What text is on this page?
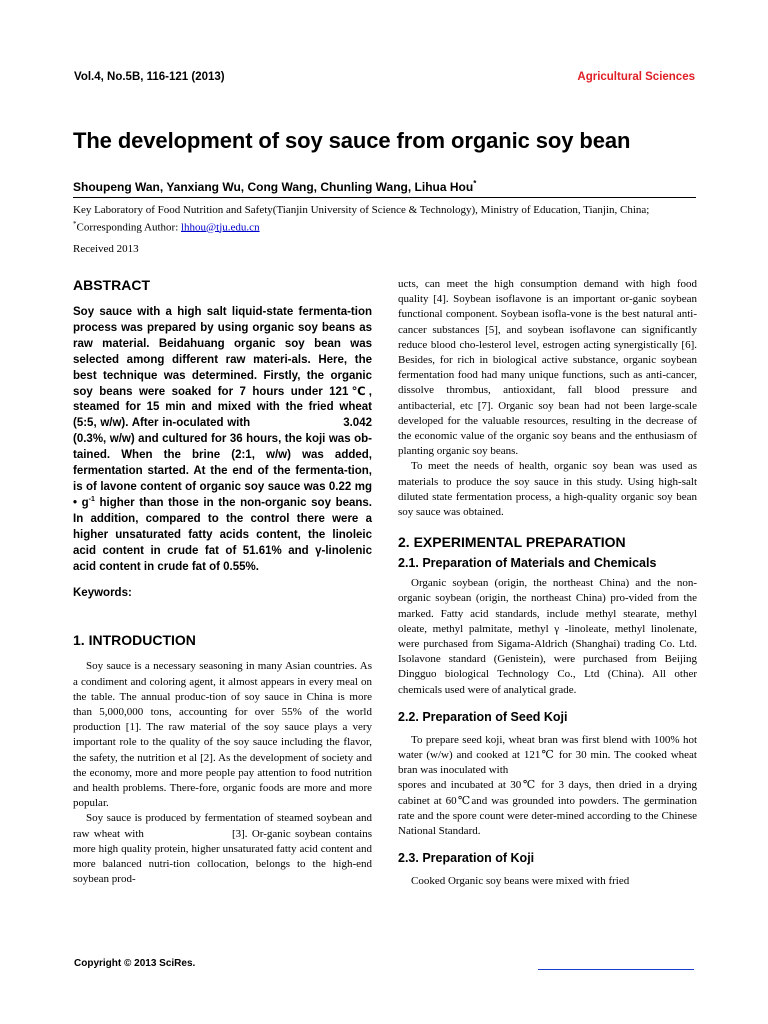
Vol.4, No.5B, 116-121 (2013)	Agricultural Sciences
The development of soy sauce from organic soy bean
Shoupeng Wan, Yanxiang Wu, Cong Wang, Chunling Wang, Lihua Hou*
Key Laboratory of Food Nutrition and Safety(Tianjin University of Science & Technology), Ministry of Education, Tianjin, China;
*Corresponding Author: lhhou@tju.edu.cn
Received 2013
ABSTRACT

Soy sauce with a high salt liquid-state fermenta-tion process was prepared by using organic soy beans as raw material. Beidahuang organic soy bean was selected among different raw materi-als. Here, the best technique was determined. Firstly, the organic soy beans were soaked for 7 hours under 121℃, steamed for 15 min and mixed with the fried wheat (5:5, w/w). After in-oculated with	3.042 (0.3%, w/w) and cultured for 36 hours, the koji was ob-tained. When the brine (2:1, w/w) was added, fermentation started. At the end of the fermenta-tion, is of lavone content of organic soy sauce was 0.22 mg • $g^{-1}$ higher than those in the non-organic soy beans. In addition, compared to the control there were a higher unsaturated fatty acids content, the linoleic acid content in crude fat of 51.61% and γ-linolenic acid content in crude fat of 0.55%.

Keywords:
1. INTRODUCTION

Soy sauce is a necessary seasoning in many Asian countries. As a condiment and coloring agent, it almost appears in every meal on the table. The annual produc-tion of soy sauce in China is more than 5,000,000 tons, accounting for over 55% of the world production [1]. The raw material of the soy sauce plays a very important role to the quality of the soy sauce including the flavor, the safety, the nutrition et al [2]. As the development of society and the economy, more and more people pay attention to food nutrition and health problems. There-fore, organic foods are more and more popular.

Soy sauce is produced by fermentation of steamed soybean and raw wheat with	[3]. Or-ganic soybean contains more high quality protein, higher unsaturated fatty acid content and more balanced nutri-tion collocation, belongs to the high-end soybean prod-

ucts, can meet the high consumption demand with high food quality [4]. Soybean isoflavone is an important or-ganic soybean functional component. Soybean isofla-vone is the best natural anti-cancer substances [5], and soybean isoflavone can significantly reduce blood cho-lesterol level, estrogen acting synergistically [6]. Besides, for rich in biological active substance, organic soybean fermentation food had many unique functions, such as anti-cancer, dissolve thrombus, antioxidant, fall blood pressure and antibacterial, etc [7]. Organic soy bean had not been large-scale developed for the valuable resources, resulting in the decrease of the economic value of the organic soy beans and the enthusiasm of planting organic soy beans.

To meet the needs of health, organic soy bean was used as materials to produce the soy sauce in this study. Using high-salt diluted state fermentation process, a high-quality organic soy bean soy sauce was obtained.

2. EXPERIMENTAL PREPARATION
2.1. Preparation of Materials and Chemicals

Organic soybean (origin, the northeast China) and the non-organic soybean (origin, the northeast China) pro-vided from the marked. Fatty acid standards, include methyl stearate, methyl oleate, methyl palmitate, methyl γ -linoleate, methyl linolenate, were purchased from Sigama-Aldrich (Shanghai) trading Co. Ltd. Isolavone standard (Genistein), were purchased from Beijing Dingguo biological Technology Co., Ltd (China). All other chemicals used were of analytical grade.

2.2. Preparation of Seed Koji

To prepare seed koji, wheat bran was first blend with 100% hot water (w/w) and cooked at 121℃ for 30 min. The cooked wheat bran was inoculated with
spores and incubated at 30℃ for 3 days, then dried in a drying cabinet at 60℃and was grounded into powders. The germination rate and the spore count were deter-mined according to the Chinese National Standard.

2.3. Preparation of Koji

Cooked Organic soy beans were mixed with fried

Copyright © 2013 SciRes.
